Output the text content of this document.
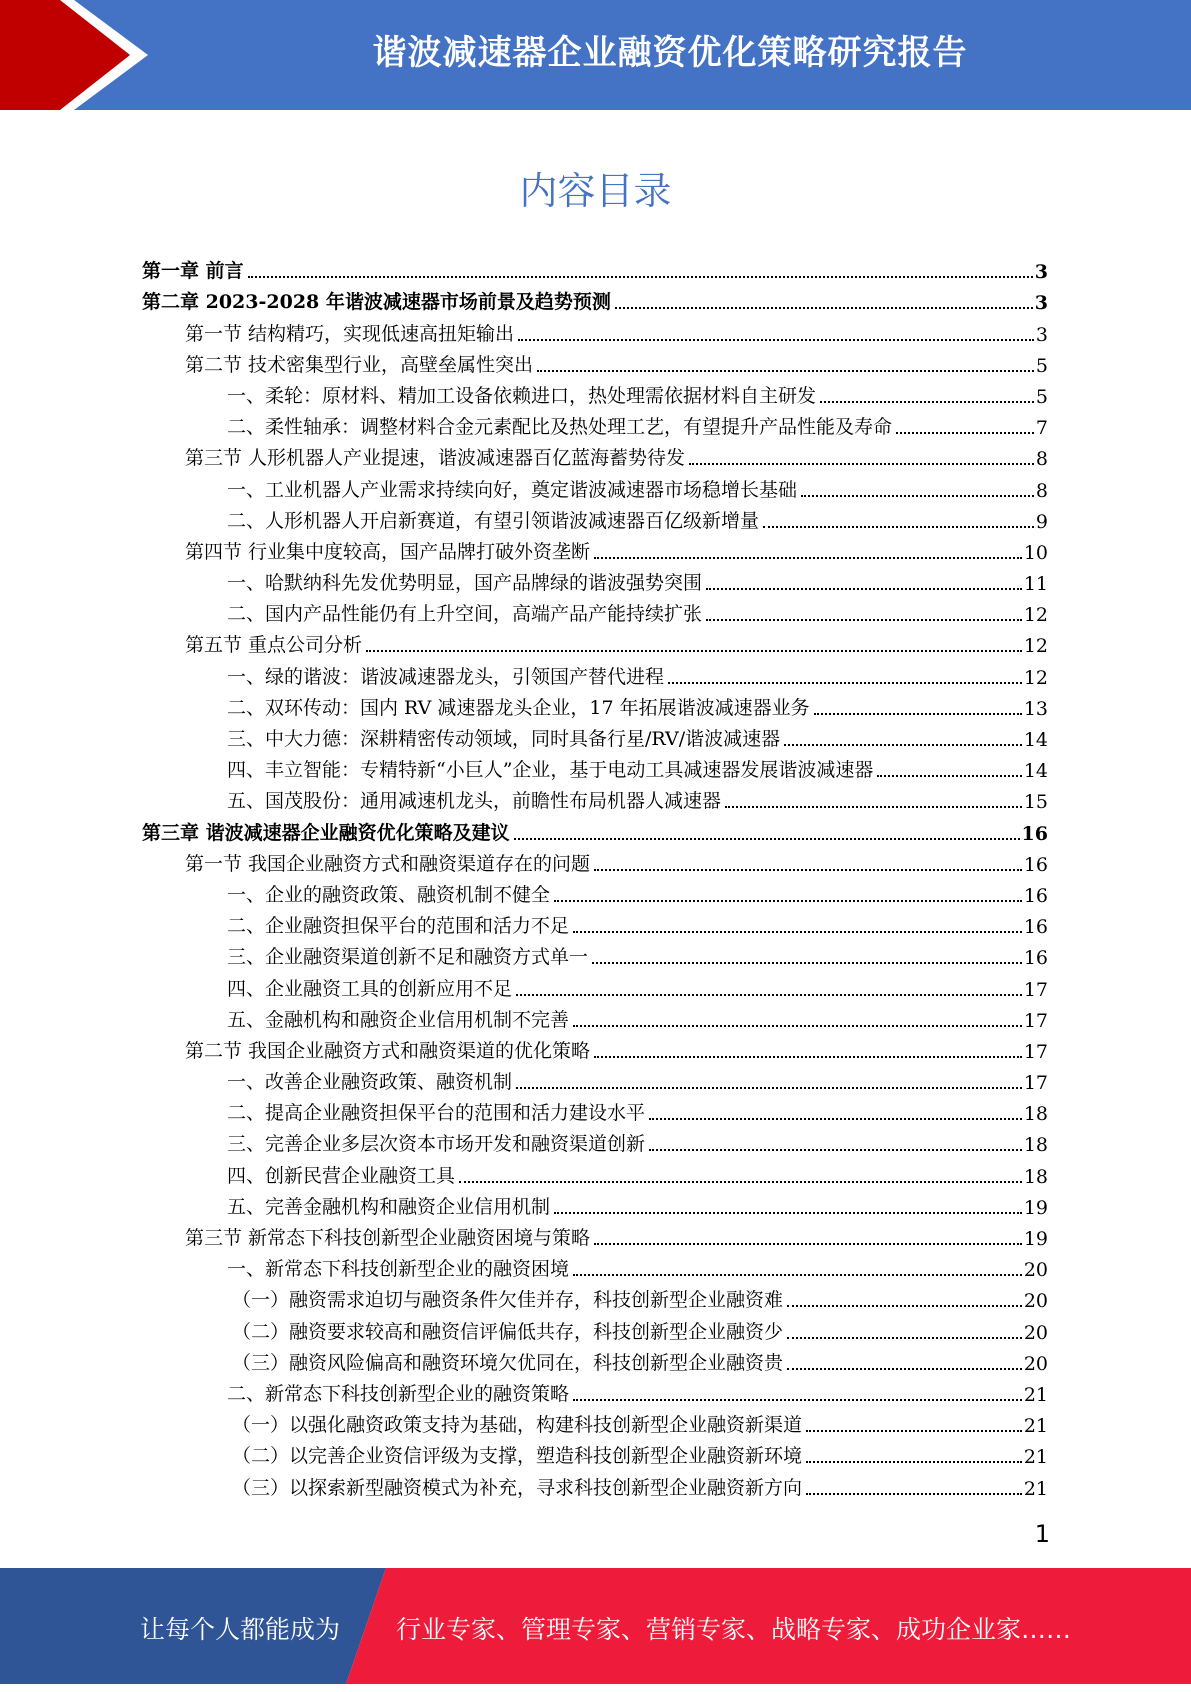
谐波减速器企业融资优化策略研究报告
内容目录
第一章 前言	3
第二章 2023-2028 年谐波减速器市场前景及趋势预测	3
第一节 结构精巧，实现低速高扭矩输出	3
第二节 技术密集型行业，高壁垒属性突出	5
一、柔轮：原材料、精加工设备依赖进口，热处理需依据材料自主研发	5
二、柔性轴承：调整材料合金元素配比及热处理工艺，有望提升产品性能及寿命	7
第三节 人形机器人产业提速，谐波减速器百亿蓝海蓄势待发	8
一、工业机器人产业需求持续向好，奠定谐波减速器市场稳增长基础	8
二、人形机器人开启新赛道，有望引领谐波减速器百亿级新增量	9
第四节 行业集中度较高，国产品牌打破外资垄断	10
一、哈默纳科先发优势明显，国产品牌绿的谐波强势突围	11
二、国内产品性能仍有上升空间，高端产品产能持续扩张	12
第五节 重点公司分析	12
一、绿的谐波：谐波减速器龙头，引领国产替代进程	12
二、双环传动：国内 RV 减速器龙头企业，17 年拓展谐波减速器业务	13
三、中大力德：深耕精密传动领域，同时具备行星/RV/谐波减速器	14
四、丰立智能：专精特新“小巨人”企业，基于电动工具减速器发展谐波减速器	14
五、国茂股份：通用减速机龙头，前瞻性布局机器人减速器	15
第三章 谐波减速器企业融资优化策略及建议	16
第一节 我国企业融资方式和融资渠道存在的问题	16
一、企业的融资政策、融资机制不健全	16
二、企业融资担保平台的范围和活力不足	16
三、企业融资渠道创新不足和融资方式单一	16
四、企业融资工具的创新应用不足	17
五、金融机构和融资企业信用机制不完善	17
第二节 我国企业融资方式和融资渠道的优化策略	17
一、改善企业融资政策、融资机制	17
二、提高企业融资担保平台的范围和活力建设水平	18
三、完善企业多层次资本市场开发和融资渠道创新	18
四、创新民营企业融资工具	18
五、完善金融机构和融资企业信用机制	19
第三节 新常态下科技创新型企业融资困境与策略	19
一、新常态下科技创新型企业的融资困境	20
（一）融资需求迫切与融资条件欠佳并存，科技创新型企业融资难	20
（二）融资要求较高和融资信评偏低共存，科技创新型企业融资少	20
（三）融资风险偏高和融资环境欠优同在，科技创新型企业融资贵	20
二、新常态下科技创新型企业的融资策略	21
（一）以强化融资政策支持为基础，构建科技创新型企业融资新渠道	21
（二）以完善企业资信评级为支撑，塑造科技创新型企业融资新环境	21
（三）以探索新型融资模式为补充，寻求科技创新型企业融资新方向	21
1
让每个人都能成为 行业专家、管理专家、营销专家、战略专家、成功企业家……
